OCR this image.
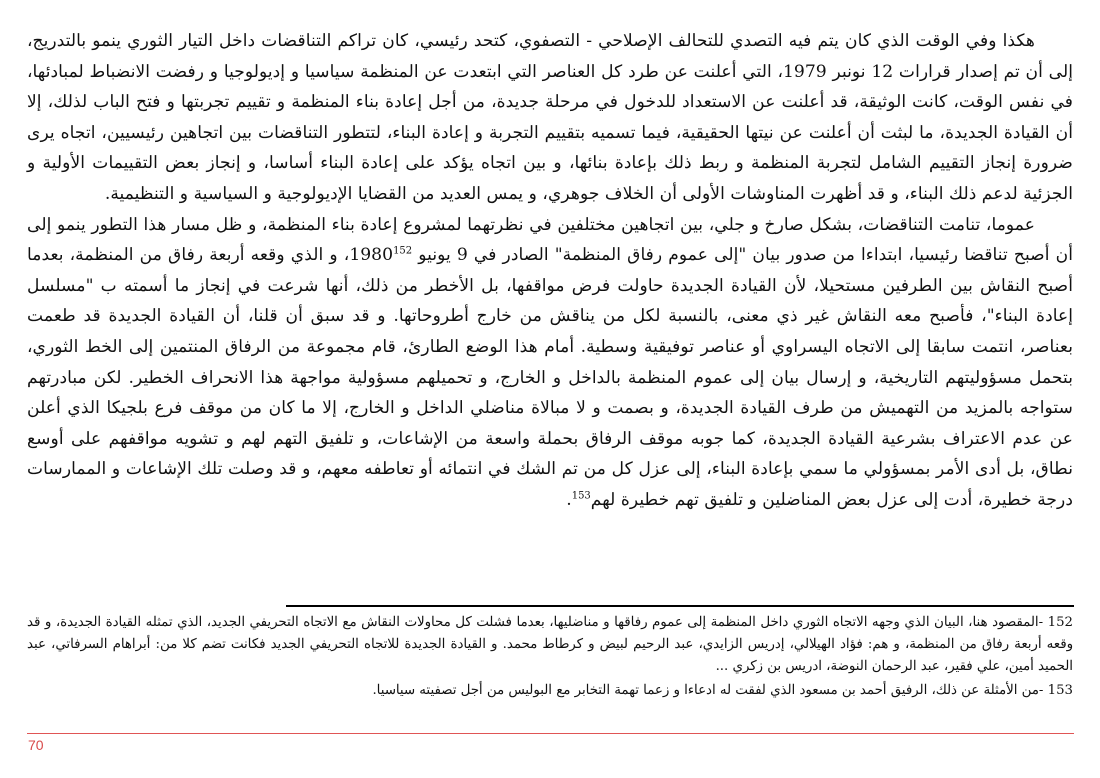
هكذا وفي الوقت الذي كان يتم فيه التصدي للتحالف الإصلاحي - التصفوي، كتحد رئيسي، كان تراكم التناقضات داخل التيار الثوري ينمو بالتدريج، إلى أن تم إصدار قرارات 12 نونبر 1979، التي أعلنت عن طرد كل العناصر التي ابتعدت عن المنظمة سياسيا و إديولوجيا و رفضت الانضباط لمبادئها، في نفس الوقت، كانت الوثيقة، قد أعلنت عن الاستعداد للدخول في مرحلة جديدة، من أجل إعادة بناء المنظمة و تقييم تجربتها و فتح الباب لذلك، إلا أن القيادة الجديدة، ما لبثت أن أعلنت عن نيتها الحقيقية، فيما تسميه بتقييم التجربة و إعادة البناء، لتتطور التناقضات بين اتجاهين رئيسيين، اتجاه يرى ضرورة إنجاز التقييم الشامل لتجربة المنظمة و ربط ذلك بإعادة بنائها، و بين اتجاه يؤكد على إعادة البناء أساسا، و إنجاز بعض التقييمات الأولية و الجزئية لدعم ذلك البناء، و قد أظهرت المناوشات الأولى أن الخلاف جوهري، و يمس العديد من القضايا الإديولوجية و السياسية و التنظيمية.

عموما، تنامت التناقضات، بشكل صارخ و جلي، بين اتجاهين مختلفين في نظرتهما لمشروع إعادة بناء المنظمة، و ظل مسار هذا التطور ينمو إلى أن أصبح تناقضا رئيسيا، ابتداءا من صدور بيان "إلى عموم رفاق المنظمة" الصادر في 9 يونيو 1980$^{152}$، و الذي وقعه أربعة رفاق من المنظمة، بعدما أصبح النقاش بين الطرفين مستحيلا، لأن القيادة الجديدة حاولت فرض مواقفها، بل الأخطر من ذلك، أنها شرعت في إنجاز ما أسمته ب "مسلسل إعادة البناء"، فأصبح معه النقاش غير ذي معنى، بالنسبة لكل من يناقش من خارج أطروحاتها. و قد سبق أن قلنا، أن القيادة الجديدة قد طعمت بعناصر، انتمت سابقا إلى الاتجاه اليسراوي أو عناصر توفيقية وسطية. أمام هذا الوضع الطارئ، قام مجموعة من الرفاق المنتمين إلى الخط الثوري، بتحمل مسؤوليتهم التاريخية، و إرسال بيان إلى عموم المنظمة بالداخل و الخارج، و تحميلهم مسؤولية مواجهة هذا الانحراف الخطير. لكن مبادرتهم ستواجه بالمزيد من التهميش من طرف القيادة الجديدة، و بصمت و لا مبالاة مناضلي الداخل و الخارج، إلا ما كان من موقف فرع بلجيكا الذي أعلن عن عدم الاعتراف بشرعية القيادة الجديدة، كما جوبه موقف الرفاق بحملة واسعة من الإشاعات، و تلفيق التهم لهم و تشويه مواقفهم على أوسع نطاق، بل أدى الأمر بمسؤولي ما سمي بإعادة البناء، إلى عزل كل من تم الشك في انتمائه أو تعاطفه معهم، و قد وصلت تلك الإشاعات و الممارسات درجة خطيرة، أدت إلى عزل بعض المناضلين و تلفيق تهم خطيرة لهم$^{153}$.

152 -المقصود هنا، البيان الذي وجهه الاتجاه الثوري داخل المنظمة إلى عموم رفاقها و مناضليها، بعدما فشلت كل محاولات النقاش مع الاتجاه التحريفي الجديد، الذي تمثله القيادة الجديدة، و قد وقعه أربعة رفاق من المنظمة، و هم: فؤاد الهيلالي، إدريس الزايدي، عبد الرحيم لبيض و كرطاط محمد. و القيادة الجديدة للاتجاه التحريفي الجديد فكانت تضم كلا من: أبراهام السرفاتي، عبد الحميد أمين، علي فقير، عبد الرحمان النوضة، ادريس بن زكري ...

153 -من الأمثلة عن ذلك، الرفيق أحمد بن مسعود الذي لفقت له ادعاءا و زعما تهمة التخابر مع البوليس من أجل تصفيته سياسيا.

70
